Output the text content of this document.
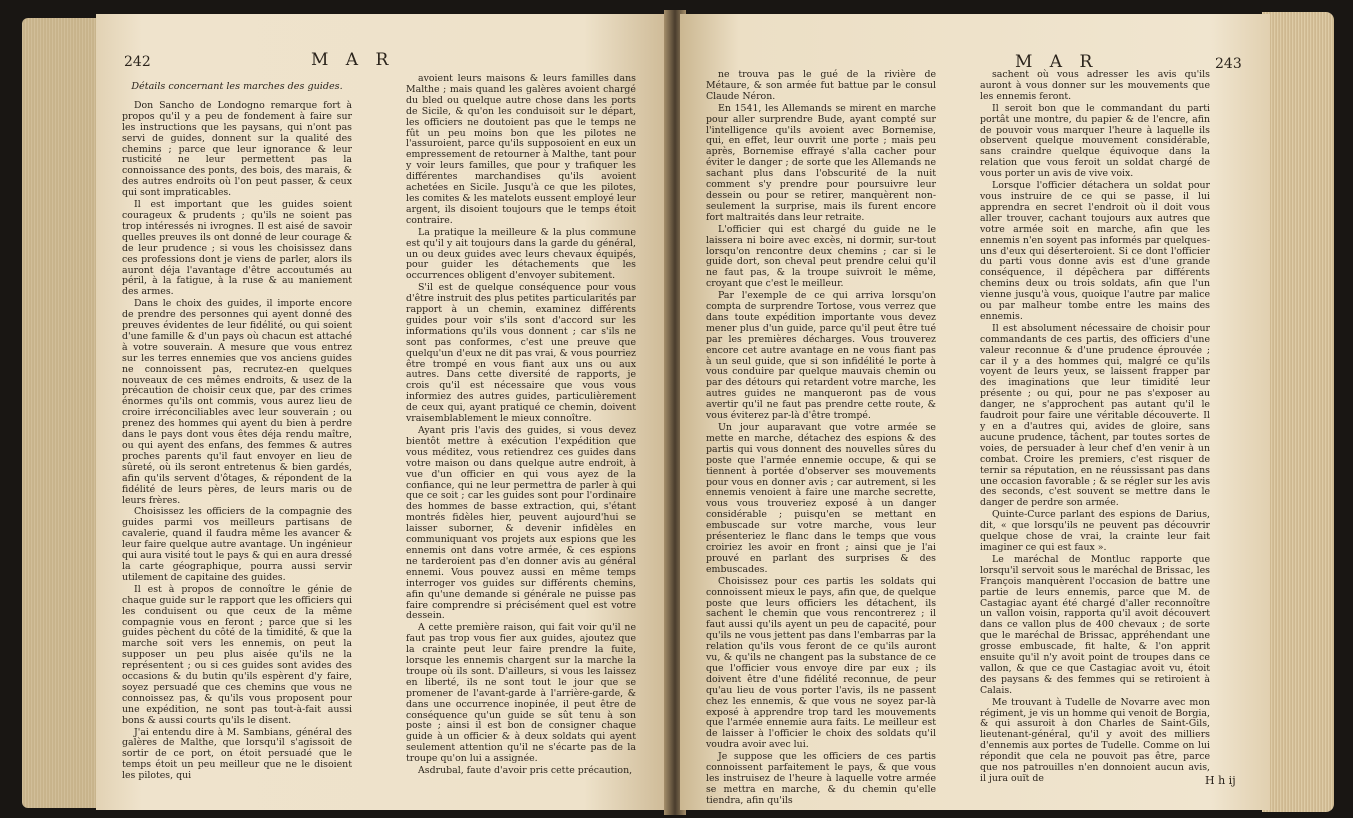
242	M A R

Détails concernant les marches des guides.

Don Sancho de Londogno remarque fort à propos qu'il y a peu de fondement à faire sur les instructions que les paysans, qui n'ont pas servi de guides, donnent sur la qualité des chemins ; parce que leur ignorance & leur rusticité ne leur permettent pas la connoissance des ponts, des bois, des marais, & des autres endroits où l'on peut passer, & ceux qui sont impraticables.

Il est important que les guides soient courageux & prudents ; qu'ils ne soient pas trop intéressés ni ivrognes. Il est aisé de savoir quelles preuves ils ont donné de leur courage & de leur prudence ; si vous les choisissez dans ces professions dont je viens de parler, alors ils auront déja l'avantage d'être accoutumés au péril, à la fatigue, à la ruse & au maniement des armes.

Dans le choix des guides, il importe encore de prendre des personnes qui ayent donné des preuves évidentes de leur fidélité, ou qui soient d'une famille & d'un pays où chacun est attaché à votre souverain. A mesure que vous entrez sur les terres ennemies que vos anciens guides ne connoissent pas, recrutez-en quelques nouveaux de ces mêmes endroits, & usez de la précaution de choisir ceux que, par des crimes énormes qu'ils ont commis, vous aurez lieu de croire irréconciliables avec leur souverain ; ou prenez des hommes qui ayent du bien à perdre dans le pays dont vous êtes déja rendu maître, ou qui ayent des enfans, des femmes & autres proches parents qu'il faut envoyer en lieu de sûreté, où ils seront entretenus & bien gardés, afin qu'ils servent d'ôtages, & répondent de la fidélité de leurs pères, de leurs maris ou de leurs frères.

Choisissez les officiers de la compagnie des guides parmi vos meilleurs partisans de cavalerie, quand il faudra même les avancer & leur faire quelque autre avantage. Un ingénieur qui aura visité tout le pays & qui en aura dressé la carte géographique, pourra aussi servir utilement de capitaine des guides.

Il est à propos de connoître le génie de chaque guide sur le rapport que les officiers qui les conduisent ou que ceux de la même compagnie vous en feront ; parce que si les guides pèchent du côté de la timidité, & que la marche soit vers les ennemis, on peut la supposer un peu plus aisée qu'ils ne la représentent ; ou si ces guides sont avides des occasions & du butin qu'ils espèrent d'y faire, soyez persuadé que ces chemins que vous ne connoissez pas, & qu'ils vous proposent pour une expédition, ne sont pas tout-à-fait aussi bons & aussi courts qu'ils le disent.

J'ai entendu dire à M. Sambians, général des galères de Malthe, que lorsqu'il s'agissoit de sortir de ce port, on étoit persuadé que le temps étoit un peu meilleur que ne le disoient les pilotes, qui

avoient leurs maisons & leurs familles dans Malthe ; mais quand les galères avoient chargé du bled ou quelque autre chose dans les ports de Sicile, & qu'on les conduisoit sur le départ, les officiers ne doutoient pas que le temps ne fût un peu moins bon que les pilotes ne l'assuroient, parce qu'ils supposoient en eux un empressement de retourner à Malthe, tant pour y voir leurs familles, que pour y trafiquer les différentes marchandises qu'ils avoient achetées en Sicile. Jusqu'à ce que les pilotes, les comites & les matelots eussent employé leur argent, ils disoient toujours que le temps étoit contraire.

La pratique la meilleure & la plus commune est qu'il y ait toujours dans la garde du général, un ou deux guides avec leurs chevaux équipés, pour guider les détachements que les occurrences obligent d'envoyer subitement.

S'il est de quelque conséquence pour vous d'être instruit des plus petites particularités par rapport à un chemin, examinez différents guides pour voir s'ils sont d'accord sur les informations qu'ils vous donnent ; car s'ils ne sont pas conformes, c'est une preuve que quelqu'un d'eux ne dit pas vrai, & vous pourriez être trompé en vous fiant aux uns ou aux autres. Dans cette diversité de rapports, je crois qu'il est nécessaire que vous vous informiez des autres guides, particulièrement de ceux qui, ayant pratiqué ce chemin, doivent vraisemblablement le mieux connoître.

Ayant pris l'avis des guides, si vous devez bientôt mettre à exécution l'expédition que vous méditez, vous retiendrez ces guides dans votre maison ou dans quelque autre endroit, à vue d'un officier en qui vous ayez de la confiance, qui ne leur permettra de parler à qui que ce soit ; car les guides sont pour l'ordinaire des hommes de basse extraction, qui, s'étant montrés fidèles hier, peuvent aujourd'hui se laisser suborner, & devenir infidèles en communiquant vos projets aux espions que les ennemis ont dans votre armée, & ces espions ne tarderoient pas d'en donner avis au général ennemi. Vous pouvez aussi en même temps interroger vos guides sur différents chemins, afin qu'une demande si générale ne puisse pas faire comprendre si précisément quel est votre dessein.

A cette première raison, qui fait voir qu'il ne faut pas trop vous fier aux guides, ajoutez que la crainte peut leur faire prendre la fuite, lorsque les ennemis chargent sur la marche la troupe où ils sont. D'ailleurs, si vous les laissez en liberté, ils ne sont tout le jour que se promener de l'avant-garde à l'arrière-garde, & dans une occurrence inopinée, il peut être de conséquence qu'un guide se sût tenu à son poste ; ainsi il est bon de consigner chaque guide à un officier & à deux soldats qui ayent seulement attention qu'il ne s'écarte pas de la troupe qu'on lui a assignée.

Asdrubal, faute d'avoir pris cette précaution,

M A R	243

ne trouva pas le gué de la rivière de Métaure, & son armée fut battue par le consul Claude Néron.

En 1541, les Allemands se mirent en marche pour aller surprendre Bude, ayant compté sur l'intelligence qu'ils avoient avec Bornemise, qui, en effet, leur ouvrit une porte ; mais peu après, Bornemise effrayé s'alla cacher pour éviter le danger ; de sorte que les Allemands ne sachant plus dans l'obscurité de la nuit comment s'y prendre pour poursuivre leur dessein ou pour se retirer, manquèrent non-seulement la surprise, mais ils furent encore fort maltraités dans leur retraite.

L'officier qui est chargé du guide ne le laissera ni boire avec excès, ni dormir, sur-tout lorsqu'on rencontre deux chemins ; car si le guide dort, son cheval peut prendre celui qu'il ne faut pas, & la troupe suivroit le même, croyant que c'est le meilleur.

Par l'exemple de ce qui arriva lorsqu'on compta de surprendre Tortose, vous verrez que dans toute expédition importante vous devez mener plus d'un guide, parce qu'il peut être tué par les premières décharges. Vous trouverez encore cet autre avantage en ne vous fiant pas à un seul guide, que si son infidélité le porte à vous conduire par quelque mauvais chemin ou par des détours qui retardent votre marche, les autres guides ne manqueront pas de vous avertir qu'il ne faut pas prendre cette route, & vous éviterez par-là d'être trompé.

Un jour auparavant que votre armée se mette en marche, détachez des espions & des partis qui vous donnent des nouvelles sûres du poste que l'armée ennemie occupe, & qui se tiennent à portée d'observer ses mouvements pour vous en donner avis ; car autrement, si les ennemis venoient à faire une marche secrette, vous vous trouveriez exposé à un danger considérable ; puisqu'en se mettant en embuscade sur votre marche, vous leur présenteriez le flanc dans le temps que vous croiriez les avoir en front ; ainsi que je l'ai prouvé en parlant des surprises & des embuscades.

Choisissez pour ces partis les soldats qui connoissent mieux le pays, afin que, de quelque poste que leurs officiers les détachent, ils sachent le chemin que vous rencontrerez ; il faut aussi qu'ils ayent un peu de capacité, pour qu'ils ne vous jettent pas dans l'embarras par la relation qu'ils vous feront de ce qu'ils auront vu, & qu'ils ne changent pas la substance de ce que l'officier vous envoye dire par eux ; ils doivent être d'une fidélité reconnue, de peur qu'au lieu de vous porter l'avis, ils ne passent chez les ennemis, & que vous ne soyez par-là exposé à apprendre trop tard les mouvements que l'armée ennemie aura faits. Le meilleur est de laisser à l'officier le choix des soldats qu'il voudra avoir avec lui.

Je suppose que les officiers de ces partis connoissent parfaitement le pays, & que vous les instruisez de l'heure à laquelle votre armée se mettra en marche, & du chemin qu'elle tiendra, afin qu'ils

sachent où vous adresser les avis qu'ils auront à vous donner sur les mouvements que les ennemis feront.

Il seroit bon que le commandant du parti portât une montre, du papier & de l'encre, afin de pouvoir vous marquer l'heure à laquelle ils observent quelque mouvement considérable, sans craindre quelque équivoque dans la relation que vous feroit un soldat chargé de vous porter un avis de vive voix.

Lorsque l'officier détachera un soldat pour vous instruire de ce qui se passe, il lui apprendra en secret l'endroit où il doit vous aller trouver, cachant toujours aux autres que votre armée soit en marche, afin que les ennemis n'en soyent pas informés par quelques-uns d'eux qui déserteroient. Si ce dont l'officier du parti vous donne avis est d'une grande conséquence, il dépêchera par différents chemins deux ou trois soldats, afin que l'un vienne jusqu'à vous, quoique l'autre par malice ou par malheur tombe entre les mains des ennemis.

Il est absolument nécessaire de choisir pour commandants de ces partis, des officiers d'une valeur reconnue & d'une prudence éprouvée ; car il y a des hommes qui, malgré ce qu'ils voyent de leurs yeux, se laissent frapper par des imaginations que leur timidité leur présente ; ou qui, pour ne pas s'exposer au danger, ne s'approchent pas autant qu'il le faudroit pour faire une véritable découverte. Il y en a d'autres qui, avides de gloire, sans aucune prudence, tâchent, par toutes sortes de voies, de persuader à leur chef d'en venir à un combat. Croire les premiers, c'est risquer de ternir sa réputation, en ne réussissant pas dans une occasion favorable ; & se régler sur les avis des seconds, c'est souvent se mettre dans le danger de perdre son armée.

Quinte-Curce parlant des espions de Darius, dit, « que lorsqu'ils ne peuvent pas découvrir quelque chose de vrai, la crainte leur fait imaginer ce qui est faux ».

Le maréchal de Montluc rapporte que lorsqu'il servoit sous le maréchal de Brissac, les François manquèrent l'occasion de battre une partie de leurs ennemis, parce que M. de Castagiac ayant été chargé d'aller reconnoître un vallon voisin, rapporta qu'il avoit découvert dans ce vallon plus de 400 chevaux ; de sorte que le maréchal de Brissac, appréhendant une grosse embuscade, fit halte, & l'on apprit ensuite qu'il n'y avoit point de troupes dans ce vallon, & que ce que Castagiac avoit vu, étoit des paysans & des femmes qui se retiroient à Calais.

Me trouvant à Tudelle de Novarre avec mon régiment, je vis un homme qui venoit de Borgia, & qui assuroit à don Charles de Saint-Gils, lieutenant-général, qu'il y avoit des milliers d'ennemis aux portes de Tudelle. Comme on lui répondit que cela ne pouvoit pas être, parce que nos patrouilles n'en donnoient aucun avis, il jura ouït de	H h ij
